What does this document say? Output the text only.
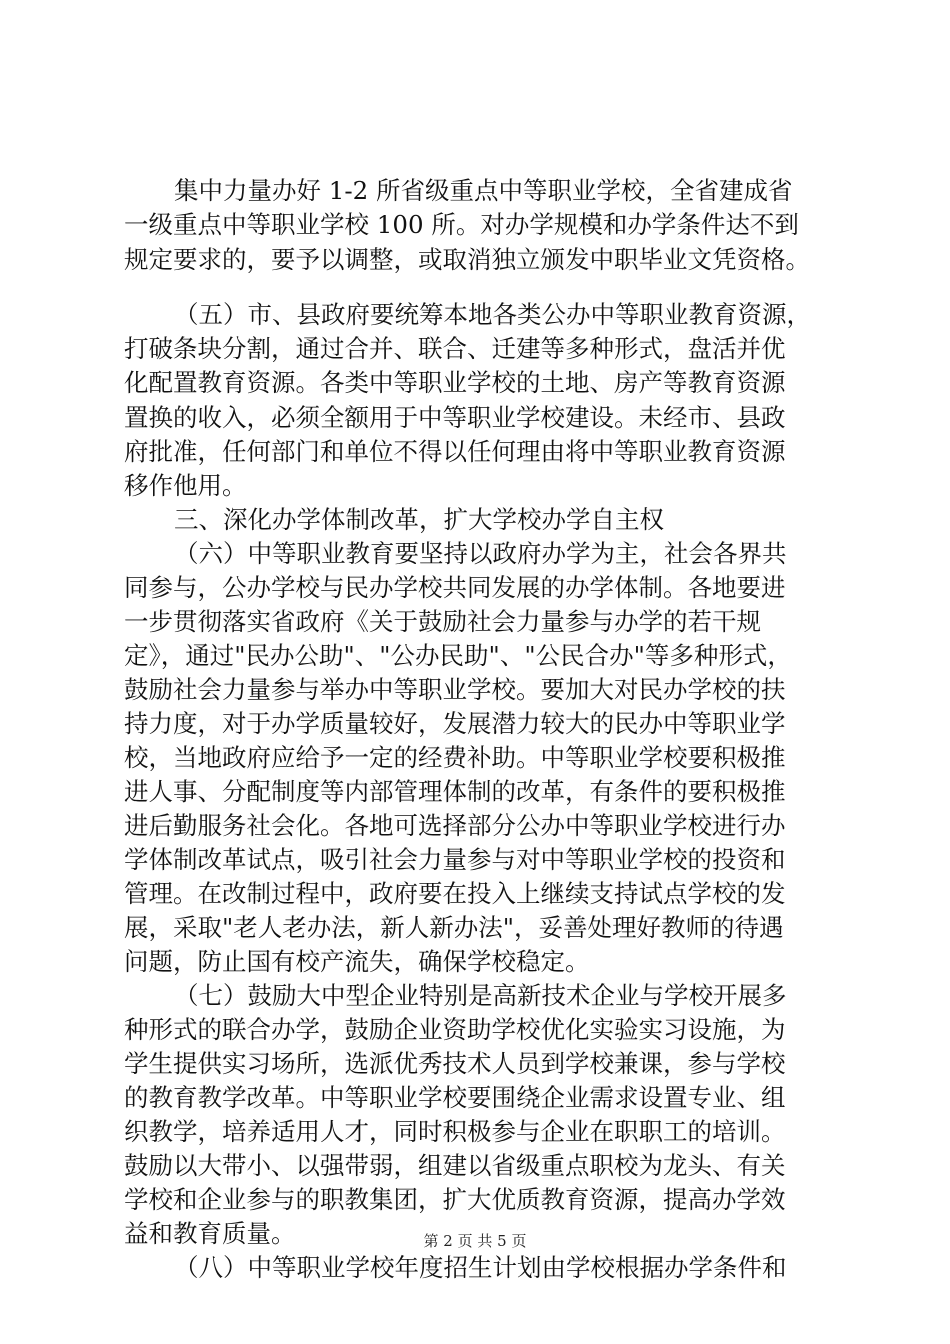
集中力量办好 1-2 所省级重点中等职业学校，全省建成省
一级重点中等职业学校 100 所。对办学规模和办学条件达不到
规定要求的，要予以调整，或取消独立颁发中职毕业文凭资格。
（五）市、县政府要统筹本地各类公办中等职业教育资源，
打破条块分割，通过合并、联合、迁建等多种形式，盘活并优
化配置教育资源。各类中等职业学校的土地、房产等教育资源
置换的收入，必须全额用于中等职业学校建设。未经市、县政
府批准，任何部门和单位不得以任何理由将中等职业教育资源
移作他用。
三、深化办学体制改革，扩大学校办学自主权
（六）中等职业教育要坚持以政府办学为主，社会各界共
同参与，公办学校与民办学校共同发展的办学体制。各地要进
一步贯彻落实省政府《关于鼓励社会力量参与办学的若干规
定》，通过"民办公助"、"公办民助"、"公民合办"等多种形式，
鼓励社会力量参与举办中等职业学校。要加大对民办学校的扶
持力度，对于办学质量较好，发展潜力较大的民办中等职业学
校，当地政府应给予一定的经费补助。中等职业学校要积极推
进人事、分配制度等内部管理体制的改革，有条件的要积极推
进后勤服务社会化。各地可选择部分公办中等职业学校进行办
学体制改革试点，吸引社会力量参与对中等职业学校的投资和
管理。在改制过程中，政府要在投入上继续支持试点学校的发
展，采取"老人老办法，新人新办法"，妥善处理好教师的待遇
问题，防止国有校产流失，确保学校稳定。
（七）鼓励大中型企业特别是高新技术企业与学校开展多
种形式的联合办学，鼓励企业资助学校优化实验实习设施，为
学生提供实习场所，选派优秀技术人员到学校兼课，参与学校
的教育教学改革。中等职业学校要围绕企业需求设置专业、组
织教学，培养适用人才，同时积极参与企业在职职工的培训。
鼓励以大带小、以强带弱，组建以省级重点职校为龙头、有关
学校和企业参与的职教集团，扩大优质教育资源，提高办学效
益和教育质量。
（八）中等职业学校年度招生计划由学校根据办学条件和
第 2 页 共 5 页
